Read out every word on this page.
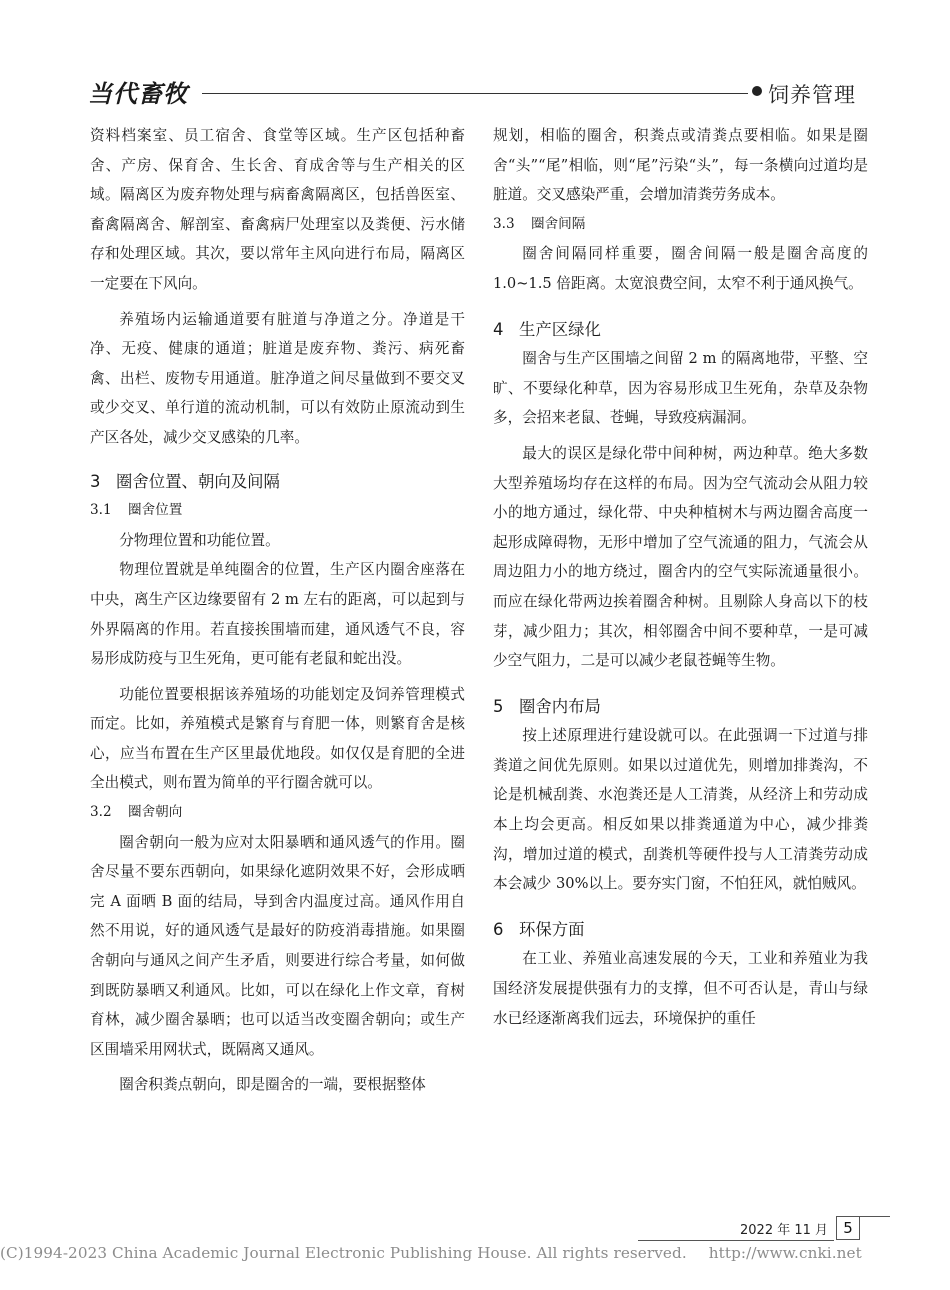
当代畜牧	饲养管理

资料档案室、员工宿舍、食堂等区域。生产区包括种畜舍、产房、保育舍、生长舍、育成舍等与生产相关的区域。隔离区为废弃物处理与病畜禽隔离区，包括兽医室、畜禽隔离舍、解剖室、畜禽病尸处理室以及粪便、污水储存和处理区域。其次，要以常年主风向进行布局，隔离区一定要在下风向。

养殖场内运输通道要有脏道与净道之分。净道是干净、无疫、健康的通道；脏道是废弃物、粪污、病死畜禽、出栏、废物专用通道。脏净道之间尽量做到不要交叉或少交叉、单行道的流动机制，可以有效防止原流动到生产区各处，减少交叉感染的几率。

3 圈舍位置、朝向及间隔
3.1 圈舍位置

分物理位置和功能位置。

物理位置就是单纯圈舍的位置，生产区内圈舍座落在中央，离生产区边缘要留有 2 m 左右的距离，可以起到与外界隔离的作用。若直接挨围墙而建，通风透气不良，容易形成防疫与卫生死角，更可能有老鼠和蛇出没。

功能位置要根据该养殖场的功能划定及饲养管理模式而定。比如，养殖模式是繁育与育肥一体，则繁育舍是核心，应当布置在生产区里最优地段。如仅仅是育肥的全进全出模式，则布置为简单的平行圈舍就可以。

3.2 圈舍朝向

圈舍朝向一般为应对太阳暴晒和通风透气的作用。圈舍尽量不要东西朝向，如果绿化遮阴效果不好，会形成晒完 A 面晒 B 面的结局，导到舍内温度过高。通风作用自然不用说，好的通风透气是最好的防疫消毒措施。如果圈舍朝向与通风之间产生矛盾，则要进行综合考量，如何做到既防暴晒又利通风。比如，可以在绿化上作文章，育树育林，减少圈舍暴晒；也可以适当改变圈舍朝向；或生产区围墙采用网状式，既隔离又通风。

圈舍积粪点朝向，即是圈舍的一端，要根据整体

规划，相临的圈舍，积粪点或清粪点要相临。如果是圈舍“头”“尾”相临，则“尾”污染“头”，每一条横向过道均是脏道。交叉感染严重，会增加清粪劳务成本。

3.3 圈舍间隔

圈舍间隔同样重要，圈舍间隔一般是圈舍高度的 1.0~1.5 倍距离。太宽浪费空间，太窄不利于通风换气。

4 生产区绿化

圈舍与生产区围墙之间留 2 m 的隔离地带，平整、空旷、不要绿化种草，因为容易形成卫生死角，杂草及杂物多，会招来老鼠、苍蝇，导致疫病漏洞。

最大的误区是绿化带中间种树，两边种草。绝大多数大型养殖场均存在这样的布局。因为空气流动会从阻力较小的地方通过，绿化带、中央种植树木与两边圈舍高度一起形成障碍物，无形中增加了空气流通的阻力，气流会从周边阻力小的地方绕过，圈舍内的空气实际流通量很小。而应在绿化带两边挨着圈舍种树。且剔除人身高以下的枝芽，减少阻力；其次，相邻圈舍中间不要种草，一是可减少空气阻力，二是可以减少老鼠苍蝇等生物。

5 圈舍内布局

按上述原理进行建设就可以。在此强调一下过道与排粪道之间优先原则。如果以过道优先，则增加排粪沟，不论是机械刮粪、水泡粪还是人工清粪，从经济上和劳动成本上均会更高。相反如果以排粪通道为中心，减少排粪沟，增加过道的模式，刮粪机等硬件投与人工清粪劳动成本会减少 30%以上。要夯实门窗，不怕狂风，就怕贼风。

6 环保方面

在工业、养殖业高速发展的今天，工业和养殖业为我国经济发展提供强有力的支撑，但不可否认是，青山与绿水已经逐渐离我们远去，环境保护的重任

2022 年 11 月	5
(C)1994-2023 China Academic Journal Electronic Publishing House. All rights reserved. http://www.cnki.net
